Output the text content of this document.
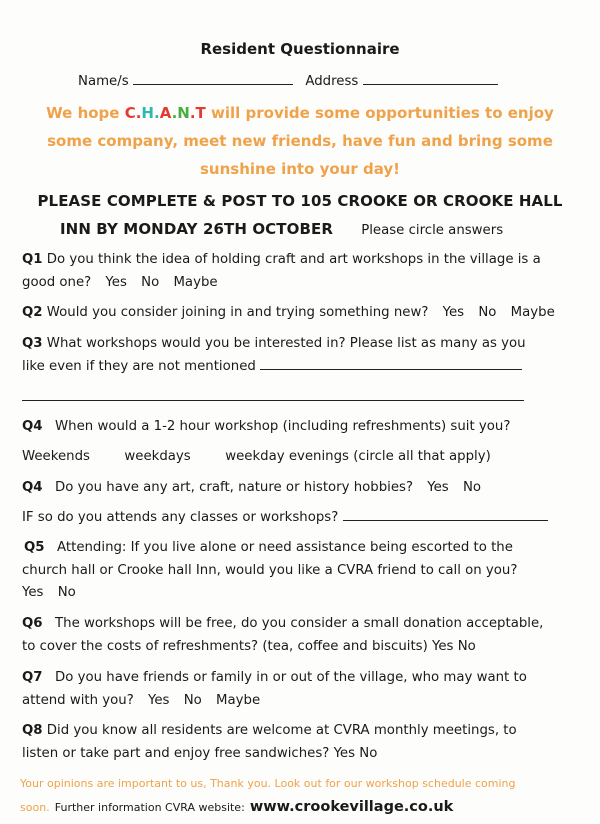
Resident Questionnaire
Name/s	Address
We hope C.H.A.N.T will provide some opportunities to enjoy
some company, meet new friends, have fun and bring some
sunshine into your day!
PLEASE COMPLETE & POST TO 105 CROOKE OR CROOKE HALL
INN BY MONDAY 26TH OCTOBER Please circle answers
Q1 Do you think the idea of holding craft and art workshops in the village is a
good one? Yes No Maybe
Q2 Would you consider joining in and trying something new? Yes No Maybe
Q3 What workshops would you be interested in? Please list as many as you
like even if they are not mentioned
Q4 When would a 1-2 hour workshop (including refreshments) suit you?
Weekends	weekdays	weekday evenings (circle all that apply)
Q4 Do you have any art, craft, nature or history hobbies? Yes No
IF so do you attends any classes or workshops?
Q5 Attending: If you live alone or need assistance being escorted to the
church hall or Crooke hall Inn, would you like a CVRA friend to call on you?
Yes No
Q6 The workshops will be free, do you consider a small donation acceptable,
to cover the costs of refreshments? (tea, coffee and biscuits) Yes No
Q7 Do you have friends or family in or out of the village, who may want to
attend with you? Yes No Maybe
Q8 Did you know all residents are welcome at CVRA monthly meetings, to
listen or take part and enjoy free sandwiches? Yes No
Your opinions are important to us, Thank you. Look out for our workshop schedule coming
soon. Further information CVRA website: www.crookevillage.co.uk
